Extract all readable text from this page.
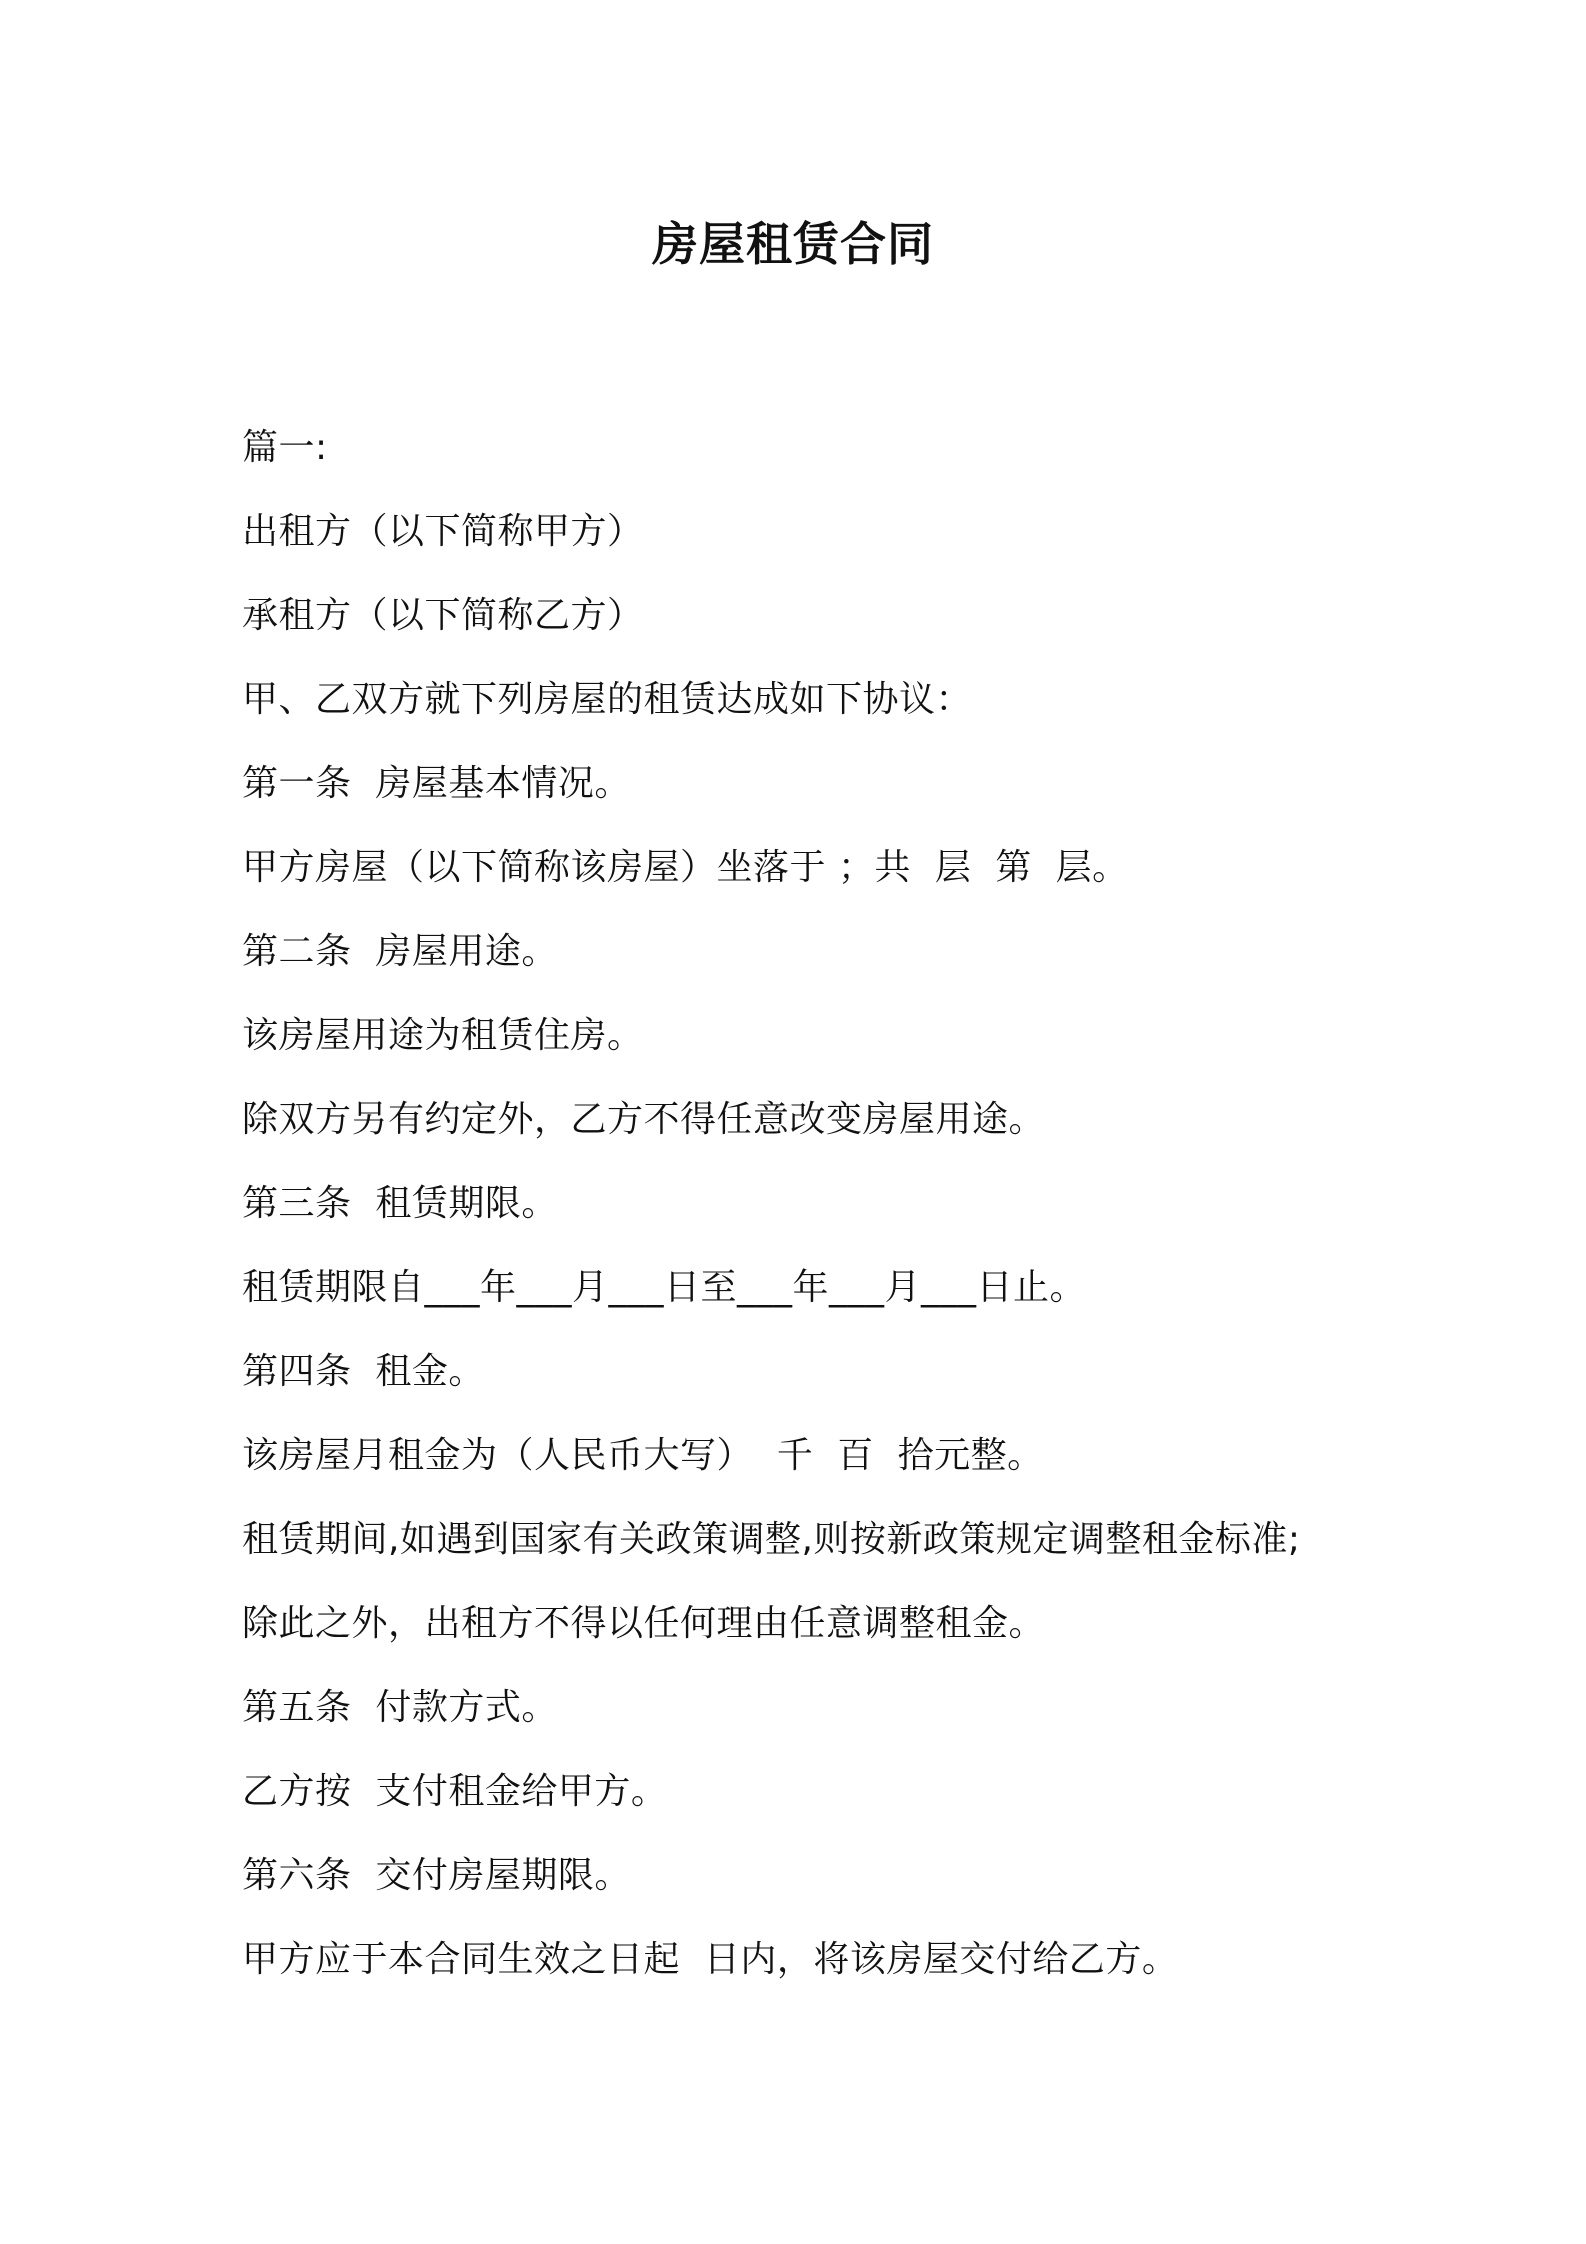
房屋租赁合同
篇一:
出租方（以下简称甲方）
承租方（以下简称乙方）
甲、乙双方就下列房屋的租赁达成如下协议：
第一条  房屋基本情况。
甲方房屋（以下简称该房屋）坐落于 ；共  层  第  层。
第二条  房屋用途。
该房屋用途为租赁住房。
除双方另有约定外，乙方不得任意改变房屋用途。
第三条  租赁期限。
租赁期限自___年___月___日至___年___月___日止。
第四条  租金。
该房屋月租金为（人民币大写）  千  百  拾元整。
租赁期间,如遇到国家有关政策调整,则按新政策规定调整租金标准;
除此之外，出租方不得以任何理由任意调整租金。
第五条  付款方式。
乙方按  支付租金给甲方。
第六条  交付房屋期限。
甲方应于本合同生效之日起  日内，将该房屋交付给乙方。
